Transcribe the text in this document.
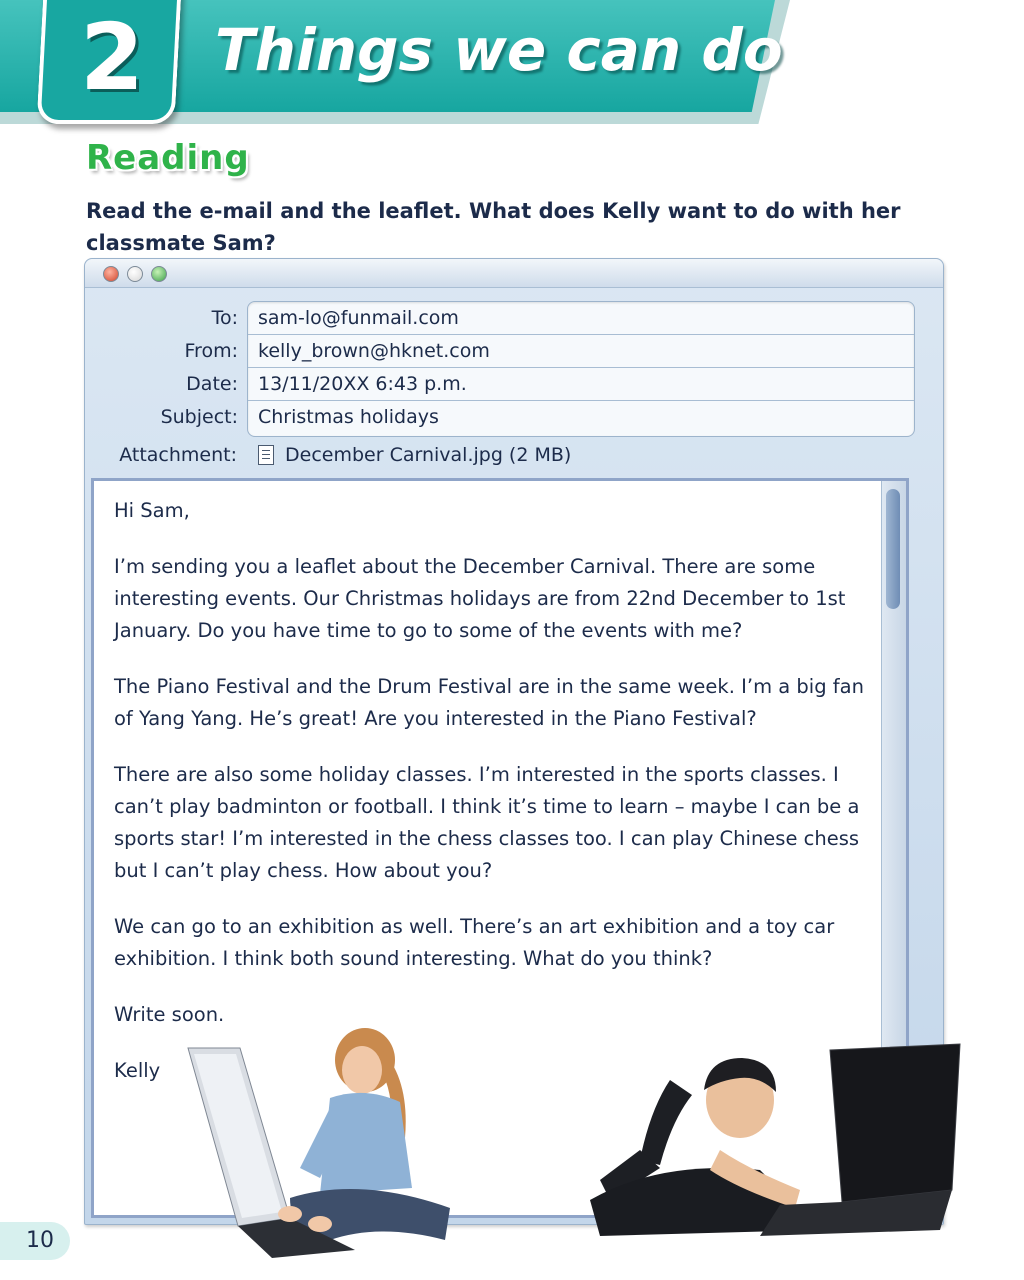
2	Things we can do
Reading

Read the e-mail and the leaflet. What does Kelly want to do with her classmate Sam?

To: sam-lo@funmail.com
From: kelly_brown@hknet.com
Date: 13/11/20XX 6:43 p.m.
Subject: Christmas holidays
Attachment:	December Carnival.jpg (2 MB)

Hi Sam,

I’m sending you a leaflet about the December Carnival. There are some interesting events. Our Christmas holidays are from 22nd December to 1st January. Do you have time to go to some of the events with me?

The Piano Festival and the Drum Festival are in the same week. I’m a big fan of Yang Yang. He’s great! Are you interested in the Piano Festival?

There are also some holiday classes. I’m interested in the sports classes. I can’t play badminton or football. I think it’s time to learn – maybe I can be a sports star! I’m interested in the chess classes too. I can play Chinese chess but I can’t play chess. How about you?

We can go to an exhibition as well. There’s an art exhibition and a toy car exhibition. I think both sound interesting. What do you think?

Write soon.

Kelly

10
